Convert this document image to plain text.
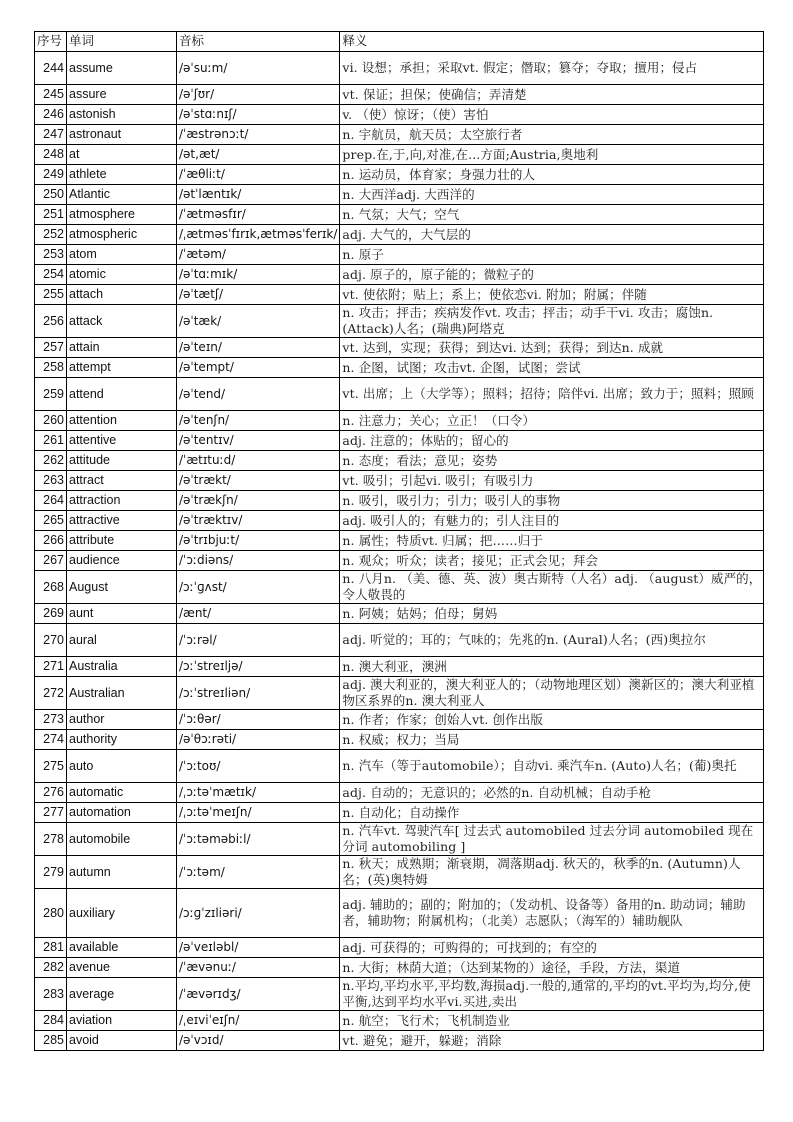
序号	单词	音标	释义
244	assume	/əˈsuːm/	vi. 设想；承担；采取vt. 假定；僭取；篡夺；夺取；擅用；侵占
245	assure	/əˈʃʊr/	vt. 保证；担保；使确信；弄清楚
246	astonish	/əˈstɑːnɪʃ/	v. （使）惊讶；（使）害怕
247	astronaut	/ˈæstrənɔːt/	n. 宇航员，航天员；太空旅行者
248	at	/ət,æt/	prep.在,于,向,对准,在...方面;Austria,奥地利
249	athlete	/ˈæθliːt/	n. 运动员，体育家；身强力壮的人
250	Atlantic	/ətˈlæntɪk/	n. 大西洋adj. 大西洋的
251	atmosphere	/ˈætməsfɪr/	n. 气氛；大气；空气
252	atmospheric	/ˌætməsˈfɪrɪk,ætməsˈferɪk/	adj. 大气的，大气层的
253	atom	/ˈætəm/	n. 原子
254	atomic	/əˈtɑːmɪk/	adj. 原子的，原子能的；微粒子的
255	attach	/əˈtætʃ/	vt. 使依附；贴上；系上；使依恋vi. 附加；附属；伴随
256	attack	/əˈtæk/	n. 攻击；抨击；疾病发作vt. 攻击；抨击；动手干vi. 攻击；腐蚀n. (Attack)人名；(瑞典)阿塔克
257	attain	/əˈteɪn/	vt. 达到，实现；获得；到达vi. 达到；获得；到达n. 成就
258	attempt	/əˈtempt/	n. 企图，试图；攻击vt. 企图，试图；尝试
259	attend	/əˈtend/	vt. 出席；上（大学等）；照料；招待；陪伴vi. 出席；致力于；照料；照顾
260	attention	/əˈtenʃn/	n. 注意力；关心；立正！（口令）
261	attentive	/əˈtentɪv/	adj. 注意的；体贴的；留心的
262	attitude	/ˈætɪtuːd/	n. 态度；看法；意见；姿势
263	attract	/əˈtrækt/	vt. 吸引；引起vi. 吸引；有吸引力
264	attraction	/əˈtrækʃn/	n. 吸引，吸引力；引力；吸引人的事物
265	attractive	/əˈtræktɪv/	adj. 吸引人的；有魅力的；引人注目的
266	attribute	/əˈtrɪbjuːt/	n. 属性；特质vt. 归属；把……归于
267	audience	/ˈɔːdiəns/	n. 观众；听众；读者；接见；正式会见；拜会
268	August	/ɔːˈɡʌst/	n. 八月n. （美、德、英、波）奥古斯特（人名）adj. （august）威严的，令人敬畏的
269	aunt	/ænt/	n. 阿姨；姑妈；伯母；舅妈
270	aural	/ˈɔːrəl/	adj. 听觉的；耳的；气味的；先兆的n. (Aural)人名；(西)奥拉尔
271	Australia	/ɔːˈstreɪljə/	n. 澳大利亚，澳洲
272	Australian	/ɔːˈstreɪliən/	adj. 澳大利亚的，澳大利亚人的；（动物地理区划）澳新区的；澳大利亚植物区系界的n. 澳大利亚人
273	author	/ˈɔːθər/	n. 作者；作家；创始人vt. 创作出版
274	authority	/əˈθɔːrəti/	n. 权威；权力；当局
275	auto	/ˈɔːtoʊ/	n. 汽车（等于automobile）；自动vi. 乘汽车n. (Auto)人名；(葡)奥托
276	automatic	/ˌɔːtəˈmætɪk/	adj. 自动的；无意识的；必然的n. 自动机械；自动手枪
277	automation	/ˌɔːtəˈmeɪʃn/	n. 自动化；自动操作
278	automobile	/ˈɔːtəməbiːl/	n. 汽车vt. 驾驶汽车[ 过去式 automobiled 过去分词 automobiled 现在分词 automobiling ]
279	autumn	/ˈɔːtəm/	n. 秋天；成熟期；渐衰期，凋落期adj. 秋天的，秋季的n. (Autumn)人名；(英)奥特姆
280	auxiliary	/ɔːɡˈzɪliəri/	adj. 辅助的；副的；附加的；（发动机、设备等）备用的n. 助动词；辅助者，辅助物；附属机构；（北美）志愿队；（海军的）辅助舰队
281	available	/əˈveɪləbl/	adj. 可获得的；可购得的；可找到的；有空的
282	avenue	/ˈævənuː/	n. 大街；林荫大道；（达到某物的）途径，手段，方法，渠道
283	average	/ˈævərɪdʒ/	n.平均,平均水平,平均数,海损adj.一般的,通常的,平均的vt.平均为,均分,使平衡,达到平均水平vi.买进,卖出
284	aviation	/ˌeɪviˈeɪʃn/	n. 航空；飞行术；飞机制造业
285	avoid	/əˈvɔɪd/	vt. 避免；避开，躲避；消除
